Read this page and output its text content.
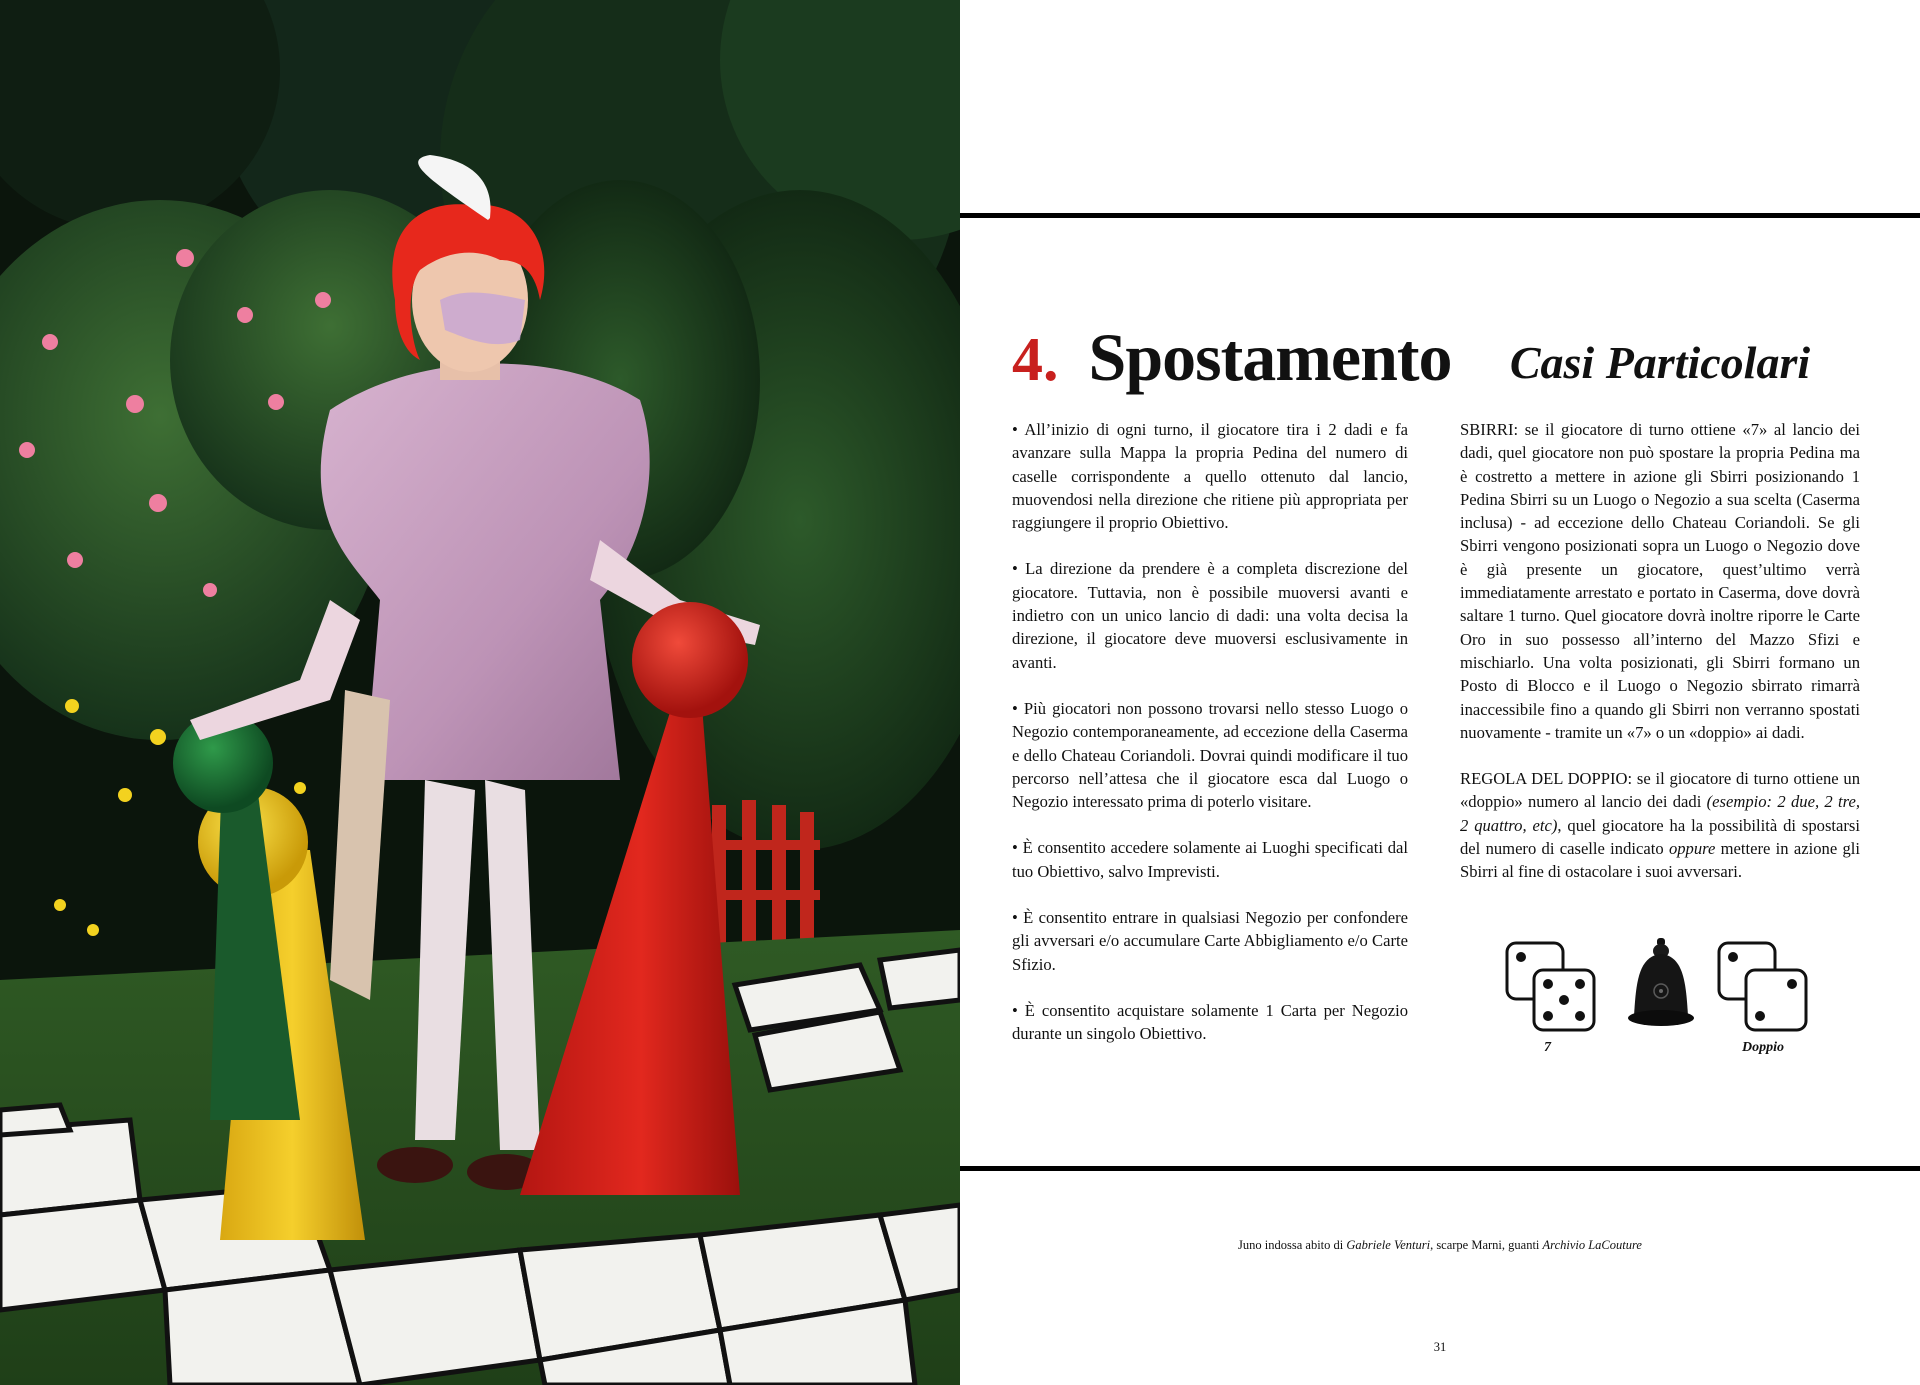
4. Spostamento	Casi Particolari

• All’inizio di ogni turno, il giocatore tira i 2 dadi e fa avanzare sulla Mappa la propria Pedina del numero di caselle corrispondente a quello ottenuto dal lancio, muovendosi nella direzione che ritiene più appropriata per raggiungere il proprio Obiettivo.

• La direzione da prendere è a completa discrezione del giocatore. Tuttavia, non è possibile muoversi avanti e indietro con un unico lancio di dadi: una volta decisa la direzione, il giocatore deve muoversi esclusivamente in avanti.

• Più giocatori non possono trovarsi nello stesso Luogo o Negozio contemporaneamente, ad eccezione della Caserma e dello Chateau Coriandoli. Dovrai quindi modificare il tuo percorso nell’attesa che il giocatore esca dal Luogo o Negozio interessato prima di poterlo visitare.

• È consentito accedere solamente ai Luoghi specificati dal tuo Obiettivo, salvo Imprevisti.

• È consentito entrare in qualsiasi Negozio per confondere gli avversari e/o accumulare Carte Abbigliamento e/o Carte Sfizio.

• È consentito acquistare solamente 1 Carta per Negozio durante un singolo Obiettivo.

SBIRRI: se il giocatore di turno ottiene «7» al lancio dei dadi, quel giocatore non può spostare la propria Pedina ma è costretto a mettere in azione gli Sbirri posizionando 1 Pedina Sbirri su un Luogo o Negozio a sua scelta (Caserma inclusa) - ad eccezione dello Chateau Coriandoli. Se gli Sbirri vengono posizionati sopra un Luogo o Negozio dove è già presente un giocatore, quest’ultimo verrà immediatamente arrestato e portato in Caserma, dove dovrà saltare 1 turno. Quel giocatore dovrà inoltre riporre le Carte Oro in suo possesso all’interno del Mazzo Sfizi e mischiarlo. Una volta posizionati, gli Sbirri formano un Posto di Blocco e il Luogo o Negozio sbirrato rimarrà inaccessibile fino a quando gli Sbirri non verranno spostati nuovamente - tramite un «7» o un «doppio» ai dadi.

REGOLA DEL DOPPIO: se il giocatore di turno ottiene un «doppio» numero al lancio dei dadi (esempio: 2 due, 2 tre, 2 quattro, etc), quel giocatore ha la possibilità di spostarsi del numero di caselle indicato oppure mettere in azione gli Sbirri al fine di ostacolare i suoi avversari.

7	Doppio
Juno indossa abito di Gabriele Venturi, scarpe Marni, guanti Archivio LaCouture
31
